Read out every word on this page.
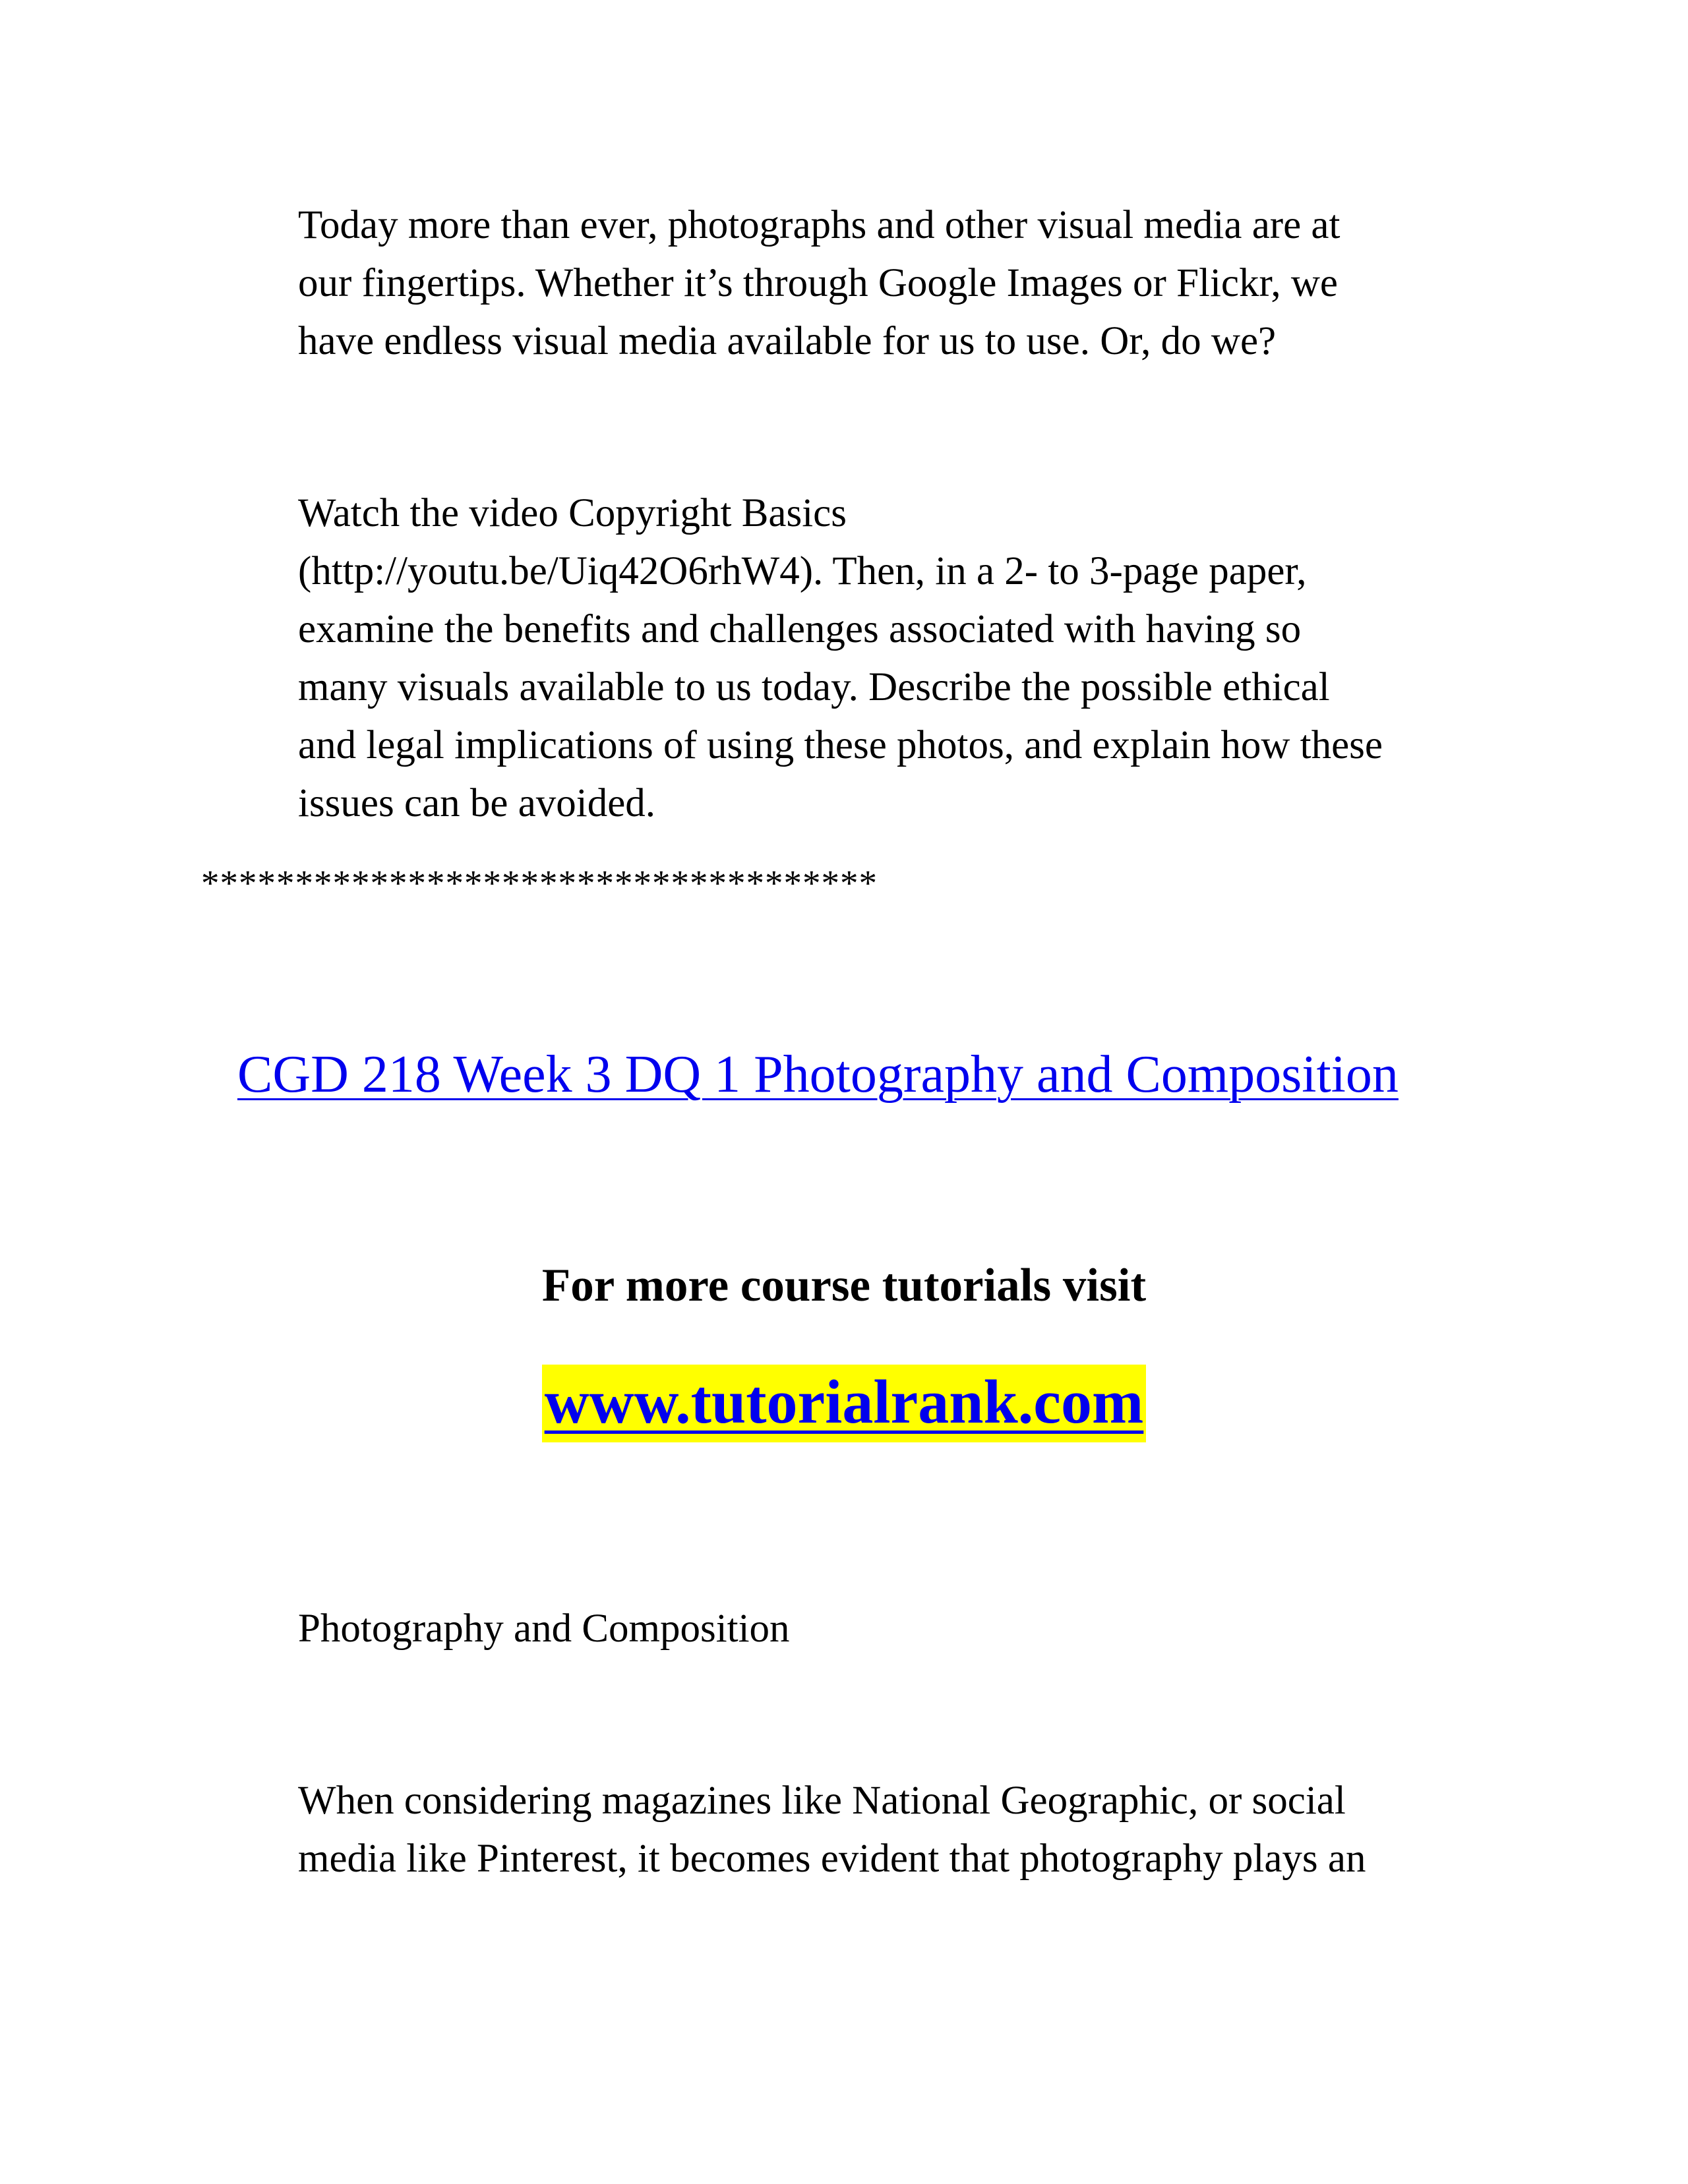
Today more than ever, photographs and other visual media are at
our fingertips. Whether it’s through Google Images or Flickr, we
have endless visual media available for us to use. Or, do we?

Watch the video Copyright Basics
(http://youtu.be/Uiq42O6rhW4). Then, in a 2- to 3-page paper,
examine the benefits and challenges associated with having so
many visuals available to us today. Describe the possible ethical
and legal implications of using these photos, and explain how these
issues can be avoided.

************************************

CGD 218 Week 3 DQ 1 Photography and Composition

For more course tutorials visit

www.tutorialrank.com

Photography and Composition

When considering magazines like National Geographic, or social
media like Pinterest, it becomes evident that photography plays an
